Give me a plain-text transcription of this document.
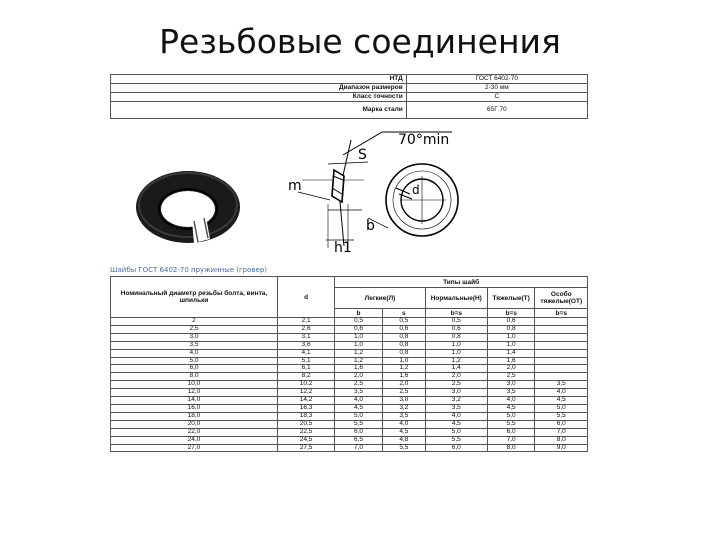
Резьбовые соединения
НТД	ГОСТ 6402-70
Диапазон размеров	2-30 мм
Класс точности	С
Марка стали	65Г 70
70°min
S
m
h1
d
b
Шайбы ГОСТ 6402-70 пружинные (гровер)
Номинальный диаметр резьбы болта, винта, шпильки	d	Типы шайб				
		Легкие(Л)		Нормальные(Н)	Тяжелые(Т)	Особо тяжелые(ОТ)
		b	s	b=s	b=s	b=s
2	2,1	0,5	0,5	0,5	0,6	
2,5	2,6	0,6	0,6	0,6	0,8	
3,0	3,1	1,0	0,8	0,8	1,0	
3,5	3,6	1,0	0,8	1,0	1,0	
4,0	4,1	1,2	0,8	1,0	1,4	
5,0	5,1	1,2	1,0	1,2	1,6	
6,0	6,1	1,6	1,2	1,4	2,0	
8,0	8,2	2,0	1,6	2,0	2,5	
10,0	10,2	2,5	2,0	2,5	3,0	3,5
12,0	12,2	3,5	2,5	3,0	3,5	4,0
14,0	14,2	4,0	3,0	3,2	4,0	4,5
16,0	16,3	4,5	3,2	3,5	4,5	5,0
18,0	18,3	5,0	3,5	4,0	5,0	5,5
20,0	20,5	5,5	4,0	4,5	5,5	6,0
22,0	22,5	6,0	4,5	5,0	6,0	7,0
24,0	24,5	6,5	4,8	5,5	7,0	8,0
27,0	27,5	7,0	5,5	6,0	8,0	9,0
